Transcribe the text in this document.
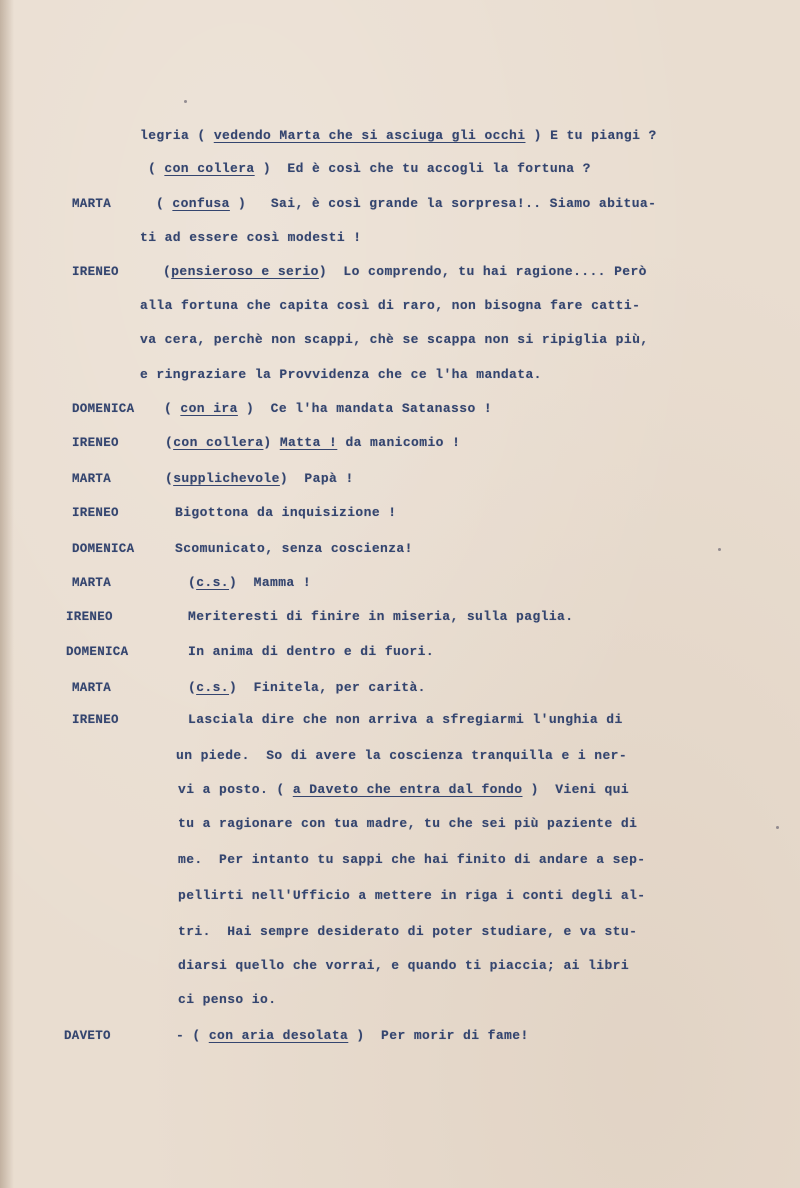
legria ( vedendo Marta che si asciuga gli occhi ) E tu piangi ?
( con collera )  Ed è così che tu accogli la fortuna ?
MARTA	( confusa )   Sai, è così grande la sorpresa!.. Siamo abitua-
ti ad essere così modesti !
IRENEO	(pensieroso e serio)  Lo comprendo, tu hai ragione.... Però
alla fortuna che capita così di raro, non bisogna fare catti-
va cera, perchè non scappi, chè se scappa non si ripiglia più,
e ringraziare la Provvidenza che ce l'ha mandata.
DOMENICA ( con ira )  Ce l'ha mandata Satanasso !
IRENEO	(con collera) Matta ! da manicomio !
MARTA	(supplichevole)  Papà !
IRENEO	Bigottona da inquisizione !
DOMENICA	Scomunicato, senza coscienza!
MARTA	(c.s.)  Mamma !
IRENEO	Meriteresti di finire in miseria, sulla paglia.
DOMENICA	In anima di dentro e di fuori.
MARTA	(c.s.)  Finitela, per carità.
IRENEO	Lasciala dire che non arriva a sfregiarmi l'unghia di
un piede.  So di avere la coscienza tranquilla e i ner-
vi a posto. ( a Daveto che entra dal fondo )  Vieni qui
tu a ragionare con tua madre, tu che sei più paziente di
me.  Per intanto tu sappi che hai finito di andare a sep-
pellirti nell'Ufficio a mettere in riga i conti degli al-
tri.  Hai sempre desiderato di poter studiare, e va stu-
diarsi quello che vorrai, e quando ti piaccia; ai libri
ci penso io.
DAVETO	- ( con aria desolata )  Per morir di fame!
